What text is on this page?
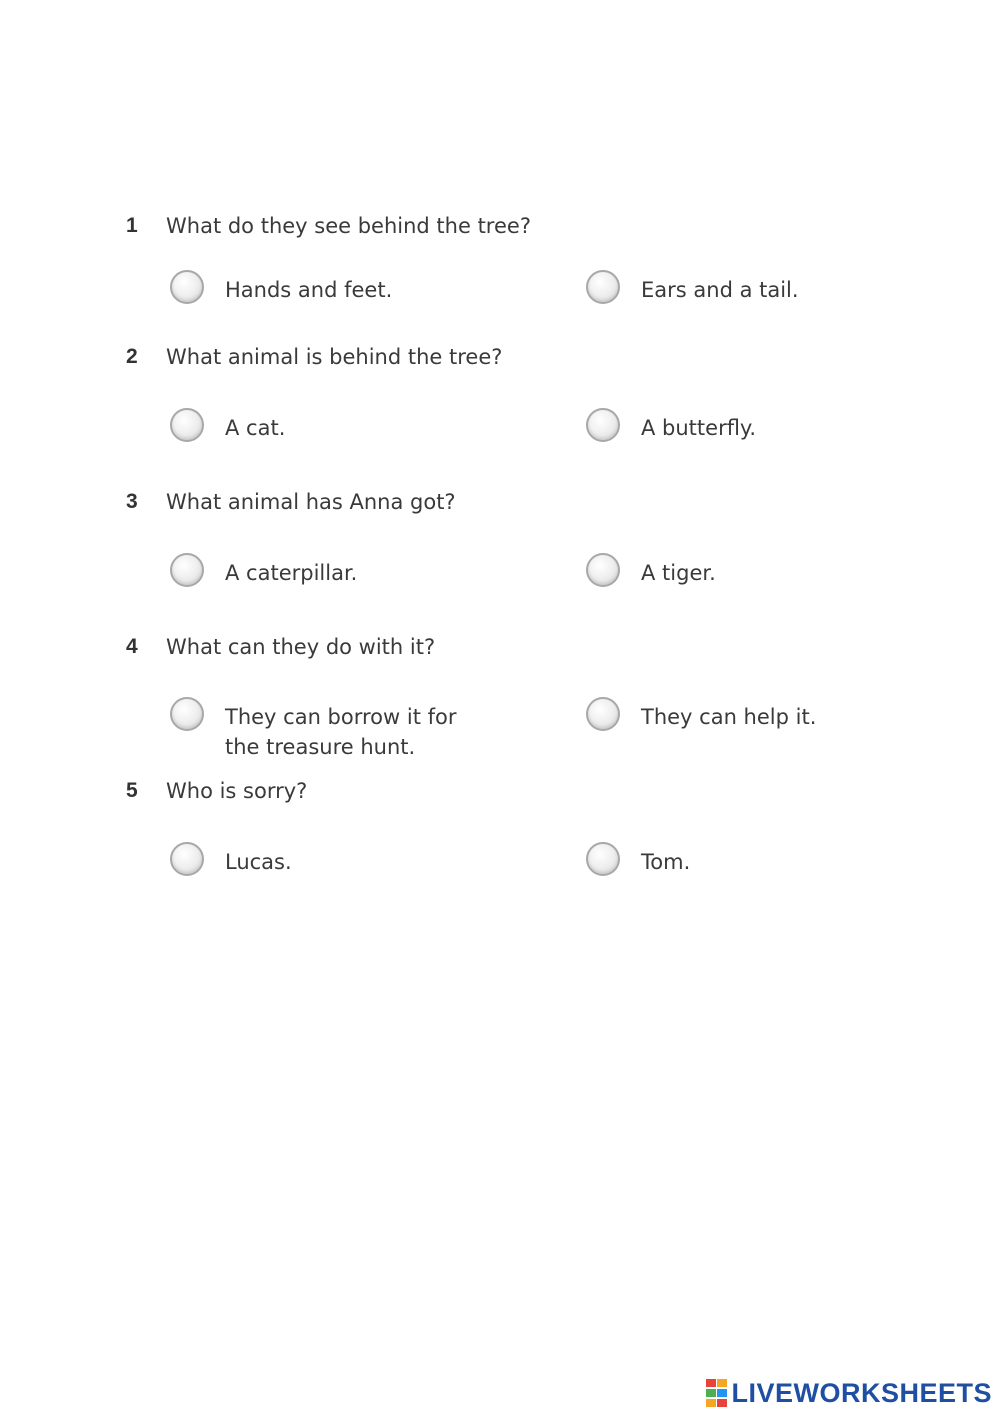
1 What do they see behind the tree?
Hands and feet.	Ears and a tail.
2 What animal is behind the tree?
A cat.	A butterfly.
3 What animal has Anna got?
A caterpillar.	A tiger.
4 What can they do with it?
They can borrow it for
the treasure hunt.
They can help it.
5 Who is sorry?
Lucas.	Tom.
LIVEWORKSHEETS
